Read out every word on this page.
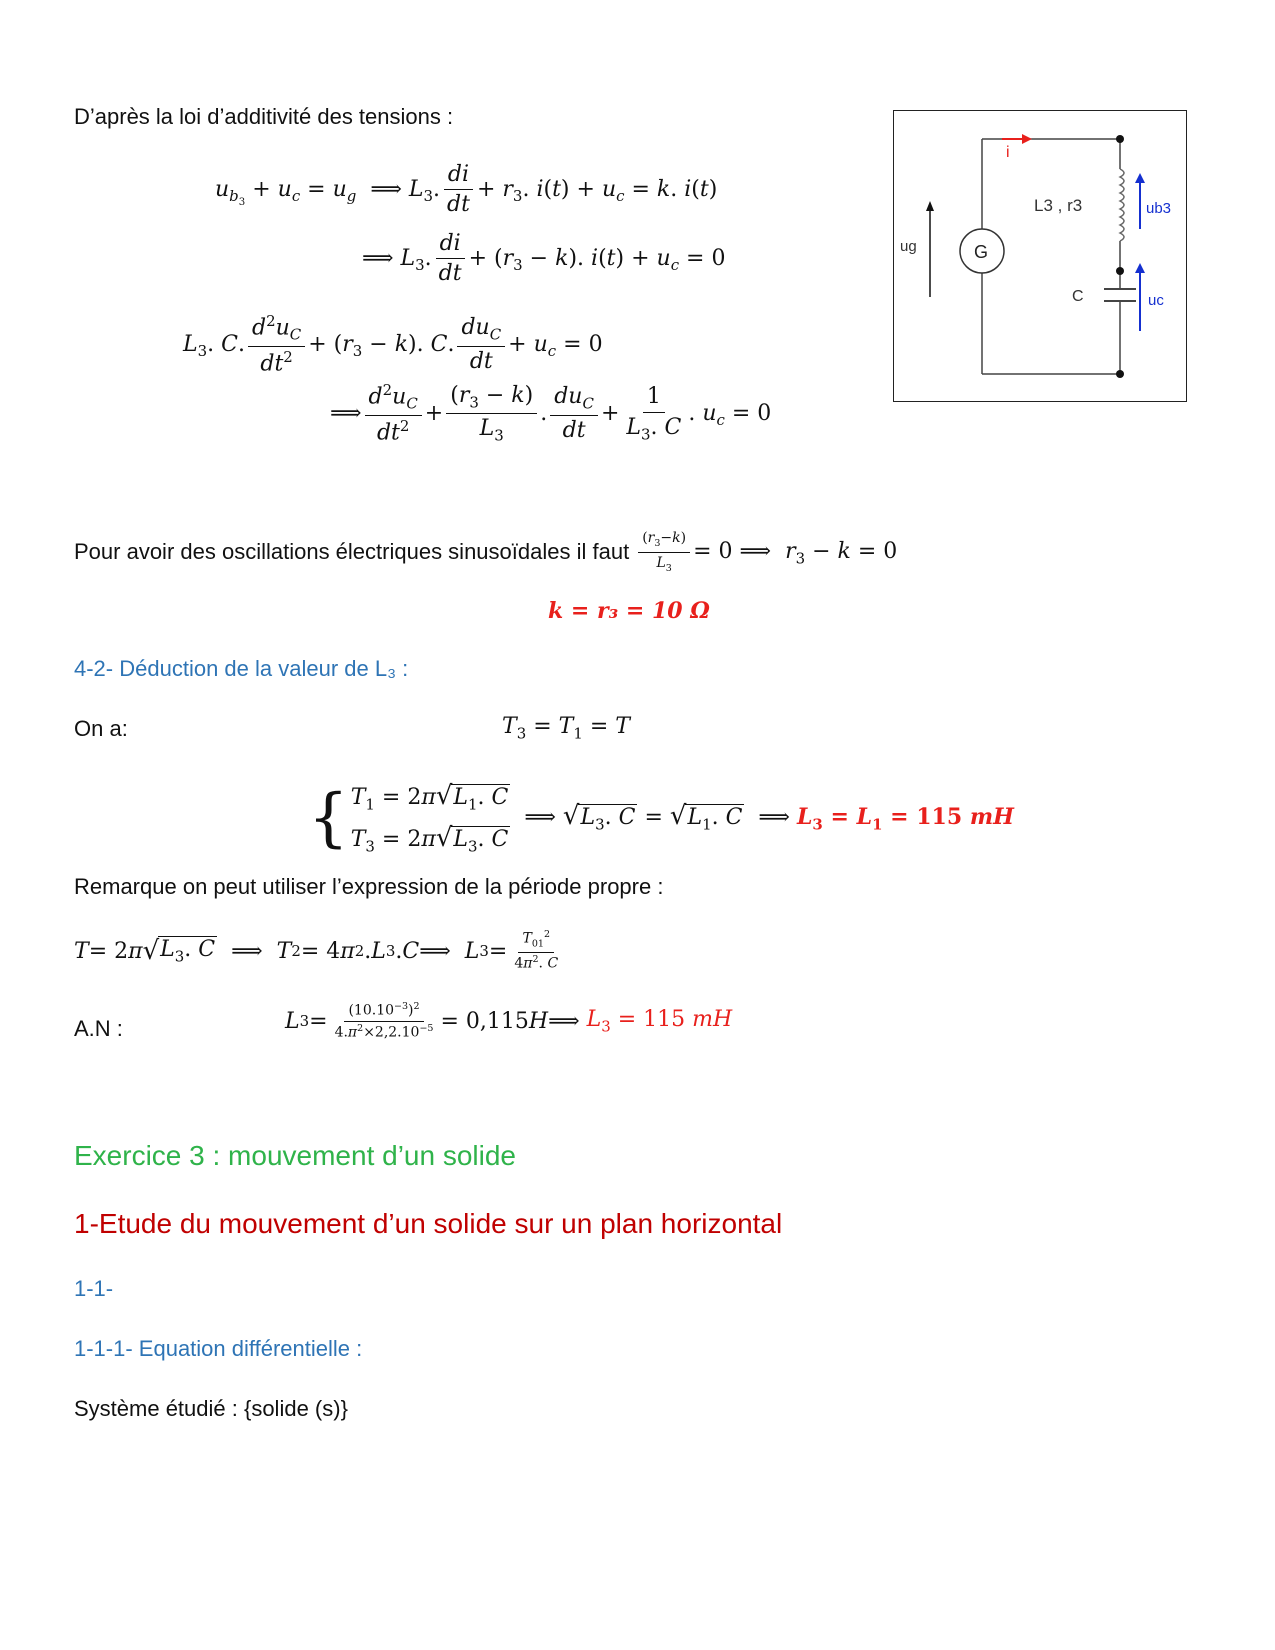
D’après la loi d’additivité des tensions :
$u_{b_3} + u_c = u_g$  ⟹ $L_3$. $\frac{di}{dt} + r_3$. $i(t) + u_c = k$. i(t)
⟹ $L_3$. $\frac{di}{dt} + (r_3 - k)$. $i(t) + u_c = 0$
$L_3$. C. $\frac{d^2u_C}{dt^2} + (r_3 - k)$. C. $\frac{du_C}{dt} + u_c = 0$
⟹ $\frac{d^2u_C}{dt^2} + \frac{(r_3 - k)}{L_3}$ . $\frac{du_C}{dt} + \frac{1}{L_3. C}$ . $u_c = 0$
i
G
ug
L3 , r3	ub3
C	uc
Pour avoir des oscillations électriques sinusoïdales il faut $\frac{(r_3-k)}{L_3} = 0$ ⟹  $r_3 - k = 0$
k = r₃ = 10 Ω
4-2- Déduction de la valeur de L₃ :
On a:	$T_3 = T_1 = T$
{ $T_1 = 2\pi√L_1$. C
$T_3 = 2\pi√L_3$. C
⟹ $√L_3$. $C = √L_1$. C  ⟹ $L_3 = L_1 = 115$ mH
Remarque on peut utiliser l’expression de la période propre :
T = 2 π √ $L_3$. C ⟹ T 2 = 4 π 2 . L 3 . C ⟹ L $3 = \frac{T_{01}^2}{4\pi^2. C}$
A.N :	L $3 = \frac{(10.10^{-3})^2}{4.\pi^2\times 2,2.10^{-5}} = 0,115$ H ⟹ $L_3 = 115$ mH
Exercice 3 : mouvement d’un solide
1-Etude du mouvement d’un solide sur un plan horizontal
1-1-
1-1-1- Equation différentielle :
Système étudié : {solide (s)}
